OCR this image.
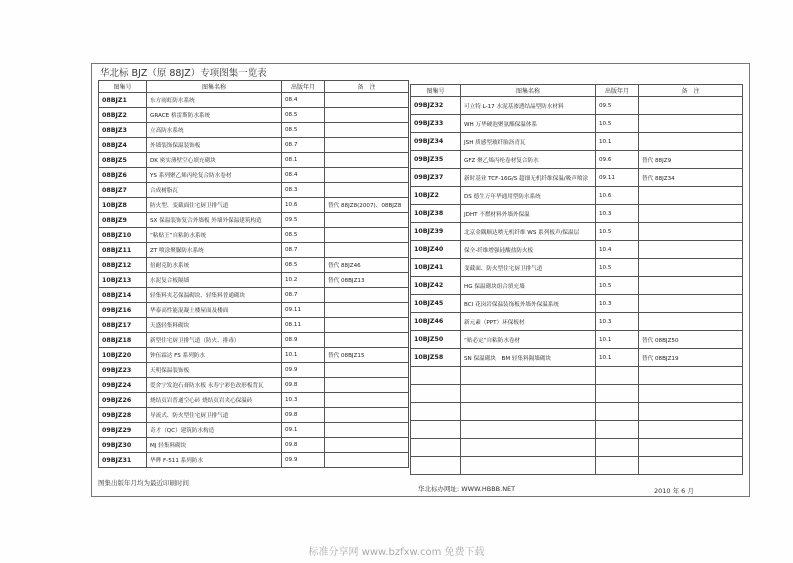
华北标 BJZ（原 88JZ）专项图集一览表
图集号	图集名称	出版年月	备　注
08BJZ1	东方雨虹防水系统	08.4	
08BJZ2	GRACE 格雷斯防水系统	08.5	
08BJZ3	立高防水系统	08.5	
08BJZ4	外墙装饰保温装饰板	08.7	
08BJZ5	DK 密实薄壁空心填充砌块	08.1	
08BJZ6	YS 系列聚乙烯丙纶复合防水卷材	08.4	
08BJZ7	合成树脂瓦	08.3	
10BJZ8	防火型、变截面住宅厨卫排气道	10.6	替代 88JZ8(2007)、08BJZ8
08BJZ9	SX 保温装饰复合外墙板 外墙外保温建筑构造	09.5	
08BJZ10	“粘贴王”自粘防水系统	08.5	
08BJZ11	ZT 喷涂聚脲防水系统	08.7	
08BJZ12	倍耐克防水系统	08.5	替代 88JZ46
10BJZ13	水泥复合板隔墙	10.2	替代 08BJZ13
08BJZ14	轻集料夹芯保温砌块、轻集料普通砌块	08.7	
09BJZ16	华泰高性能混凝土楼屋面及楼面	09.11	
08BJZ17	天盛轻集料砌块	08.11	
08BJZ18	新型住宅厨卫排气道（防火、排毒）	08.9	
10BJZ20	钟伍霖达 FS 系列防水	10.1	替代 08BJZ15
09BJZ23	天明保温装饰板	09.9	
09BJZ24	爱舍宁发泡石膏防水板 永寿宁彩色改形板背瓦	09.8	
09BJZ26	烧结页岩普通空心砖 烧结页岩夹心保温砖	10.3	
09BJZ28	导流式、防火型住宅厨卫排气道	09.8	
09BJZ29	奇才（QC）建筑防水构造	09.1	
09BJZ30	MJ 轻集料砌块	09.8	
09BJZ31	华晔 F-511 系列防水	09.9	
图集号	图集名称	出版年月	备　注
09BJZ32	可立特 L-17 水泥基渗透结晶型防水材料	09.5	
09BJZ33	WH 万华硬泡聚氨酯保温体系	10.5	
09BJZ34	JSH 质感型玻纤胎沥青瓦	10.1	
09BJZ35	GFZ 聚乙烯丙纶卷材复合防水	09.6	替代 88JZ9
09BJZ37	新时基业 TCF-16G/S 超细无机纤维保温/吸声喷涂	09.11	替代 88JZ34
10BJZ2	DS 德生万年华通用型防水系统	10.6	
10BJZ38	JDHT 不燃材料外墙外保温	10.3	
10BJZ39	北京金隅顺达喷无机纤维 WS 系列板声/保温层	10.5	
10BJZ40	保全-纤维增强硅酸盐防火板	10.4	
10BJZ41	变截面、防火型住宅厨卫排气道	10.5	
10BJZ42	HG 保温砌块组合填充墙	10.5	
10BJZ45	BCI 花岗岩保温装饰板外墙外保温系统	10.3	
10BJZ46	新元素（PPT）环保板材	10.3	
10BJZ50	“贴必定”自粘防水卷材	10.1	替代 08BJZ50
10BJZ58	SN 保温砌块　BM 轻集料隔墙砌块	10.1	替代 08BJZ19

图集出版年月均为最近印刷时间
华北标办网址: WWW.HBBB.NET	2010 年 6 月
标准分享网 www.bzfxw.com 免费下载
